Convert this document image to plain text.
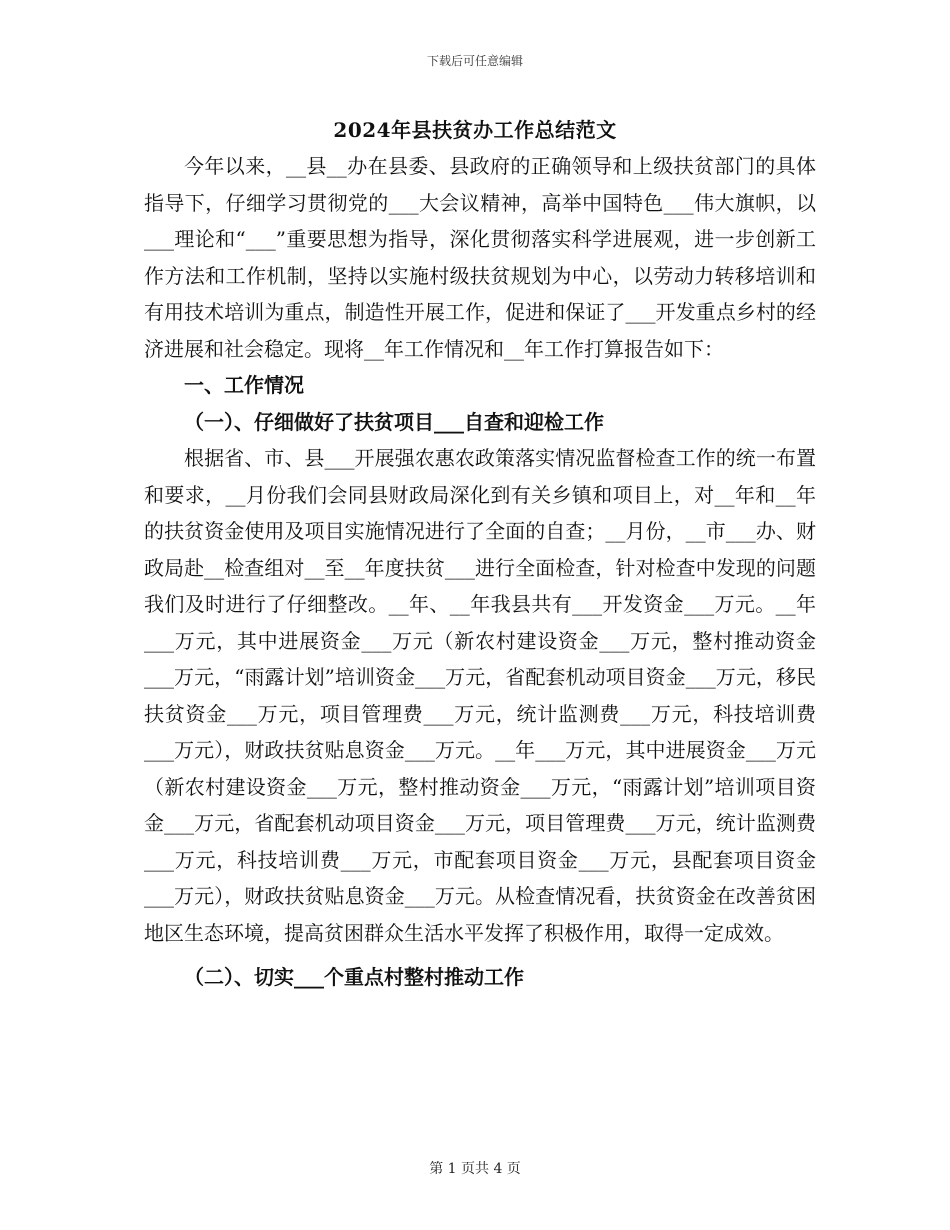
下载后可任意编辑
2024年县扶贫办工作总结范文

今年以来，__县__办在县委、县政府的正确领导和上级扶贫部门的具体指导下，仔细学习贯彻党的___大会议精神，高举中国特色___伟大旗帜，以___理论和“___”重要思想为指导，深化贯彻落实科学进展观，进一步创新工作方法和工作机制，坚持以实施村级扶贫规划为中心，以劳动力转移培训和有用技术培训为重点，制造性开展工作，促进和保证了___开发重点乡村的经济进展和社会稳定。现将__年工作情况和__年工作打算报告如下：

一、工作情况

（一）、仔细做好了扶贫项目___自查和迎检工作

根据省、市、县___开展强农惠农政策落实情况监督检查工作的统一布置和要求，__月份我们会同县财政局深化到有关乡镇和项目上，对__年和__年的扶贫资金使用及项目实施情况进行了全面的自查；__月份，__市___办、财政局赴__检查组对__至__年度扶贫___进行全面检查，针对检查中发现的问题我们及时进行了仔细整改。__年、__年我县共有___开发资金___万元。__年___万元，其中进展资金___万元（新农村建设资金___万元，整村推动资金___万元，“雨露计划”培训资金___万元，省配套机动项目资金___万元，移民扶贫资金___万元，项目管理费___万元，统计监测费___万元，科技培训费___万元），财政扶贫贴息资金___万元。__年___万元，其中进展资金___万元（新农村建设资金___万元，整村推动资金___万元，“雨露计划”培训项目资金___万元，省配套机动项目资金___万元，项目管理费___万元，统计监测费___万元，科技培训费___万元，市配套项目资金___万元，县配套项目资金___万元），财政扶贫贴息资金___万元。从检查情况看，扶贫资金在改善贫困地区生态环境，提高贫困群众生活水平发挥了积极作用，取得一定成效。

（二）、切实___个重点村整村推动工作

第 1 页共 4 页
